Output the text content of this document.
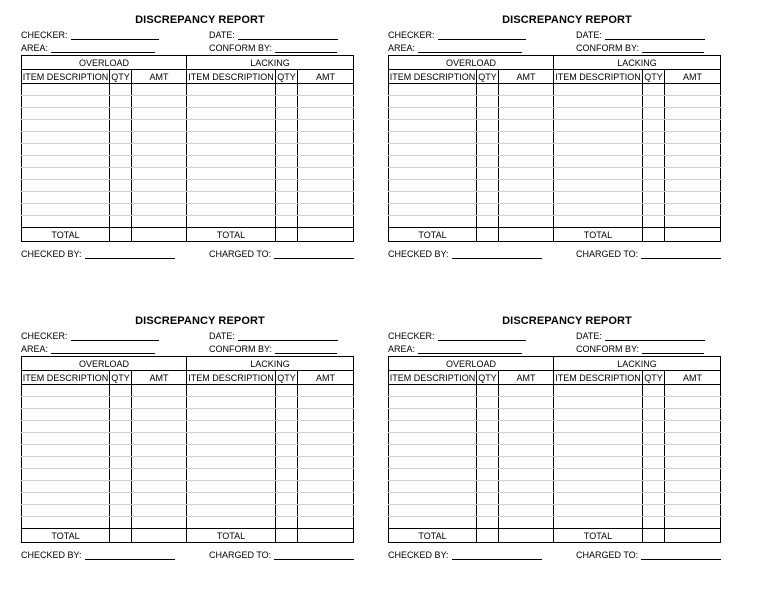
DISCREPANCY REPORT
CHECKER:	DATE:
AREA:	CONFORM BY:
OVERLOAD			LACKING		
ITEM DESCRIPTION	QTY	AMT	ITEM DESCRIPTION	QTY	AMT

TOTAL			TOTAL		
CHECKED BY:	CHARGED TO:
DISCREPANCY REPORT
CHECKER:	DATE:
AREA:	CONFORM BY:
OVERLOAD			LACKING		
ITEM DESCRIPTION	QTY	AMT	ITEM DESCRIPTION	QTY	AMT

TOTAL			TOTAL		
CHECKED BY:	CHARGED TO:
DISCREPANCY REPORT
CHECKER:	DATE:
AREA:	CONFORM BY:
OVERLOAD			LACKING		
ITEM DESCRIPTION	QTY	AMT	ITEM DESCRIPTION	QTY	AMT

TOTAL			TOTAL		
CHECKED BY:	CHARGED TO:
DISCREPANCY REPORT
CHECKER:	DATE:
AREA:	CONFORM BY:
OVERLOAD			LACKING		
ITEM DESCRIPTION	QTY	AMT	ITEM DESCRIPTION	QTY	AMT

TOTAL			TOTAL		
CHECKED BY:	CHARGED TO:
